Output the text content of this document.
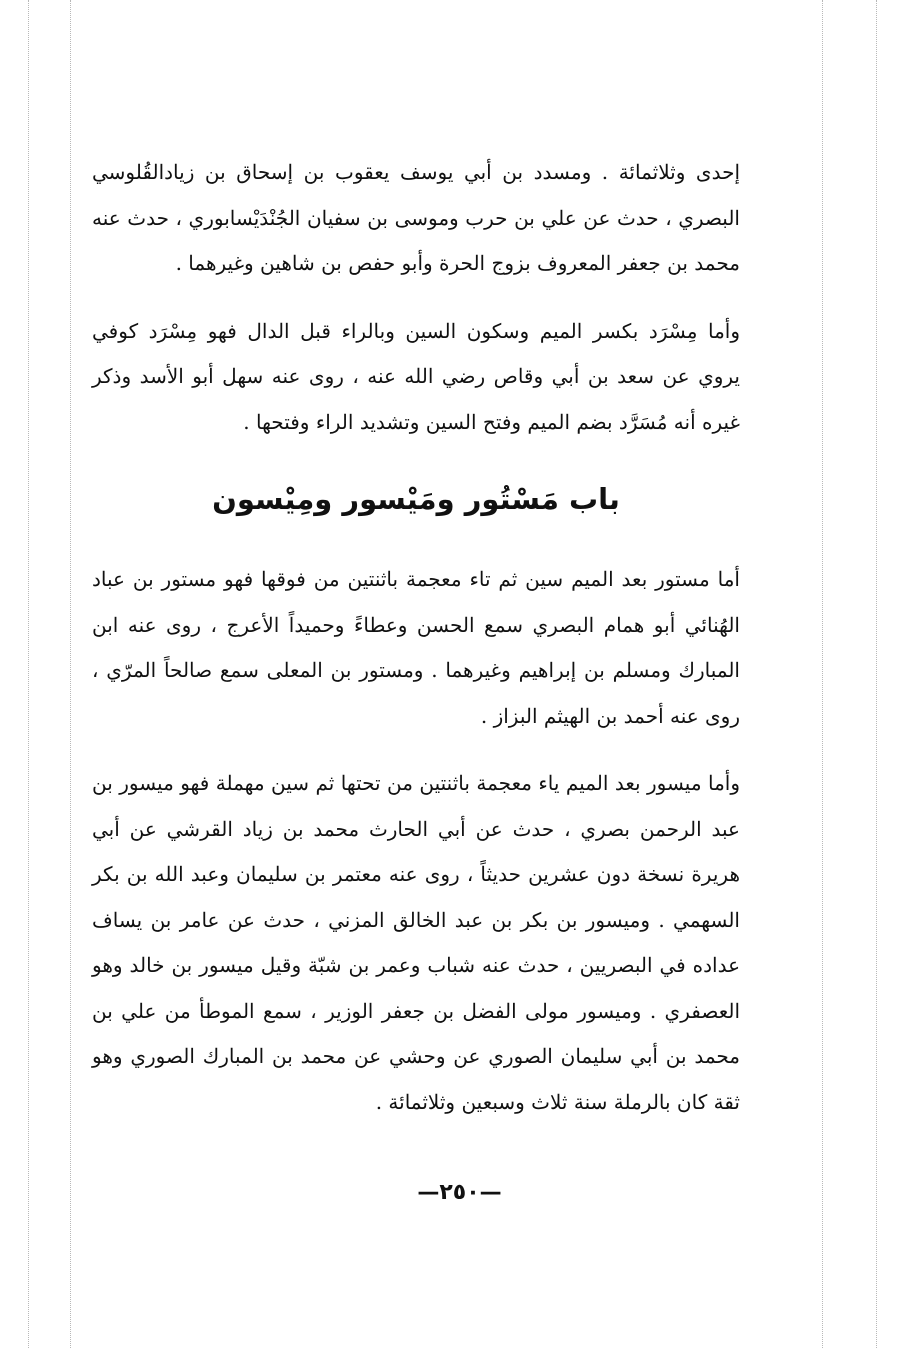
إحدى وثلاثمائة . ومسدد بن أبي يوسف يعقوب بن إسحاق بن زيادالقُلوسي البصري ، حدث عن علي بن حرب وموسى بن سفيان الجُنْدَيْسابوري ، حدث عنه محمد بن جعفر المعروف بزوج الحرة وأبو حفص بن شاهين وغيرهما .

وأما مِسْرَد بكسر الميم وسكون السين وبالراء قبل الدال فهو مِسْرَد كوفي يروي عن سعد بن أبي وقاص رضي الله عنه ، روى عنه سهل أبو الأسد وذكر غيره أنه مُسَرَّد بضم الميم وفتح السين وتشديد الراء وفتحها .

باب مَسْتُور ومَيْسور ومِيْسون

أما مستور بعد الميم سين ثم تاء معجمة باثنتين من فوقها فهو مستور بن عباد الهُنائي أبو همام البصري سمع الحسن وعطاءً وحميداً الأعرج ، روى عنه ابن المبارك ومسلم بن إبراهيم وغيرهما . ومستور بن المعلى سمع صالحاً المرّي ، روى عنه أحمد بن الهيثم البزاز .

وأما ميسور بعد الميم ياء معجمة باثنتين من تحتها ثم سين مهملة فهو ميسور بن عبد الرحمن بصري ، حدث عن أبي الحارث محمد بن زياد القرشي عن أبي هريرة نسخة دون عشرين حديثاً ، روى عنه معتمر بن سليمان وعبد الله بن بكر السهمي . وميسور بن بكر بن عبد الخالق المزني ، حدث عن عامر بن يساف عداده في البصريين ، حدث عنه شباب وعمر بن شبّة وقيل ميسور بن خالد وهو العصفري . وميسور مولى الفضل بن جعفر الوزير ، سمع الموطأ من علي بن محمد بن أبي سليمان الصوري عن وحشي عن محمد بن المبارك الصوري وهو ثقة كان بالرملة سنة ثلاث وسبعين وثلاثمائة .

—٢٥٠—
